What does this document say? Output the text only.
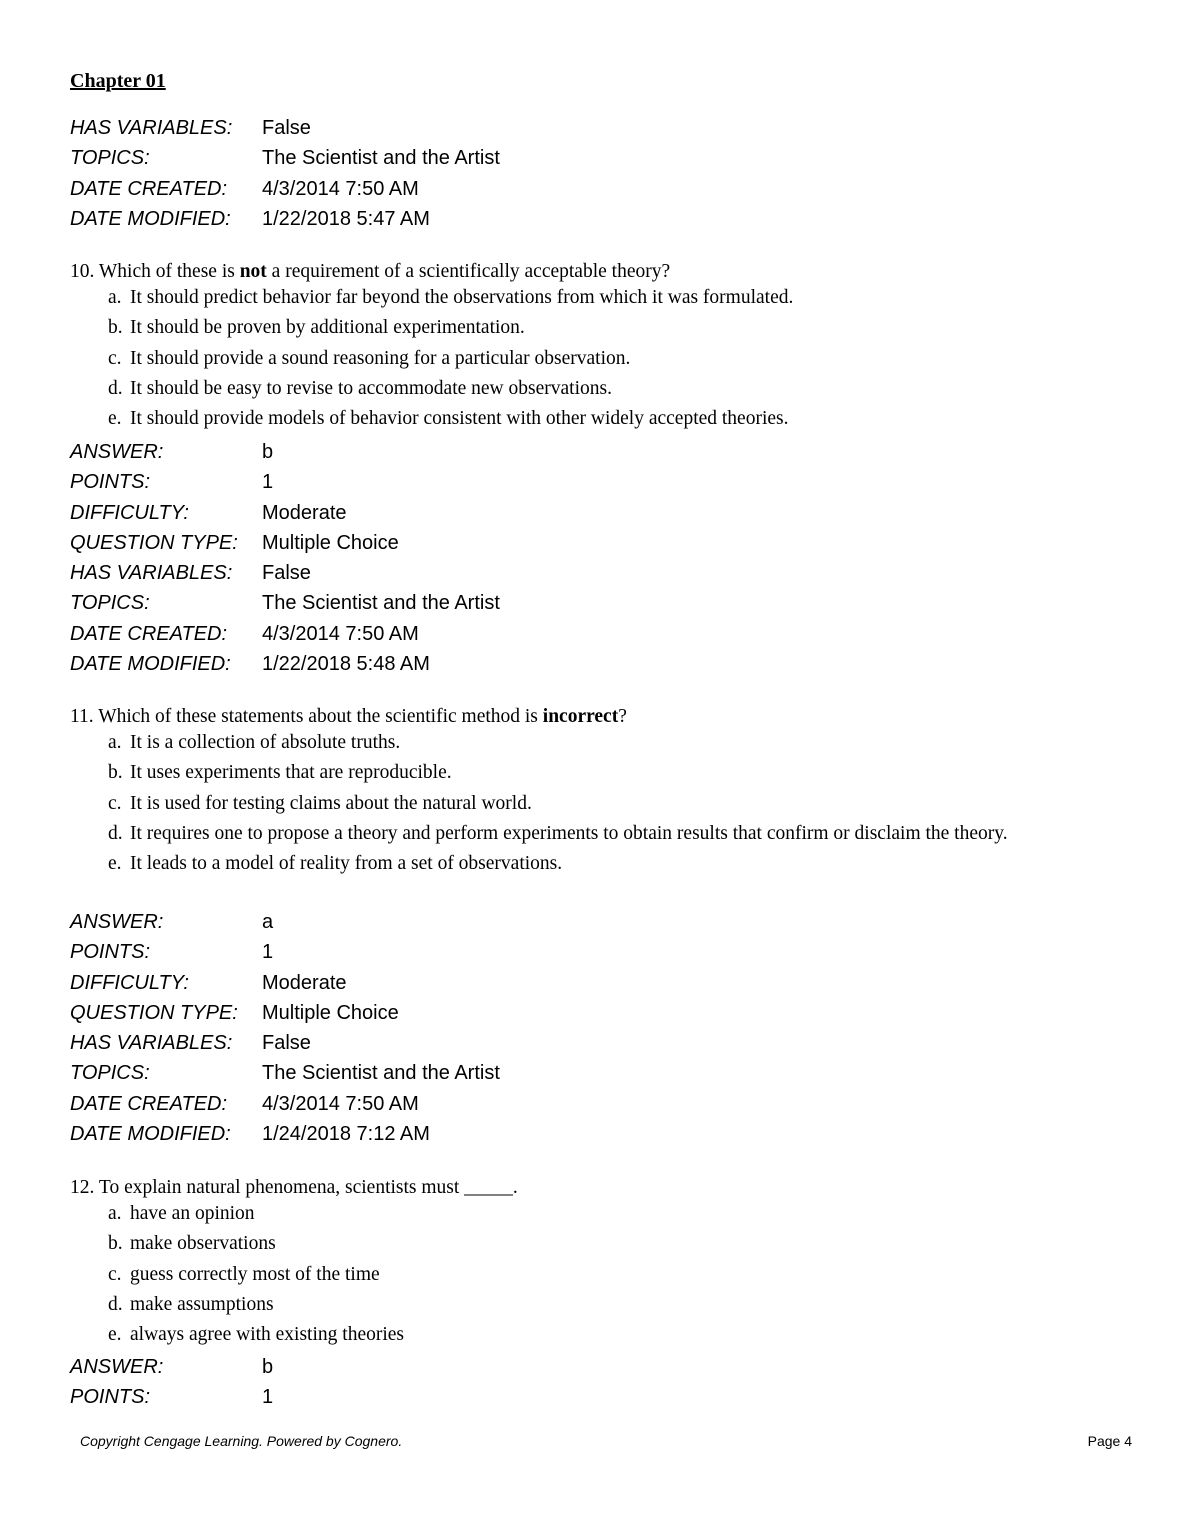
Chapter 01
HAS VARIABLES: False
TOPICS:	The Scientist and the Artist
DATE CREATED: 4/3/2014 7:50 AM
DATE MODIFIED: 1/22/2018 5:47 AM
10. Which of these is not a requirement of a scientifically acceptable theory?
a. It should predict behavior far beyond the observations from which it was formulated.
b. It should be proven by additional experimentation.
c. It should provide a sound reasoning for a particular observation.
d. It should be easy to revise to accommodate new observations.
e. It should provide models of behavior consistent with other widely accepted theories.
ANSWER:	b
POINTS:	1
DIFFICULTY:	Moderate
QUESTION TYPE: Multiple Choice
HAS VARIABLES: False
TOPICS:	The Scientist and the Artist
DATE CREATED: 4/3/2014 7:50 AM
DATE MODIFIED: 1/22/2018 5:48 AM
11. Which of these statements about the scientific method is incorrect?
a. It is a collection of absolute truths.
b. It uses experiments that are reproducible.
c. It is used for testing claims about the natural world.
d. It requires one to propose a theory and perform experiments to obtain results that confirm or disclaim the theory.
e. It leads to a model of reality from a set of observations.
ANSWER:	a
POINTS:	1
DIFFICULTY:	Moderate
QUESTION TYPE: Multiple Choice
HAS VARIABLES: False
TOPICS:	The Scientist and the Artist
DATE CREATED: 4/3/2014 7:50 AM
DATE MODIFIED: 1/24/2018 7:12 AM
12. To explain natural phenomena, scientists must _____.
a. have an opinion
b. make observations
c. guess correctly most of the time
d. make assumptions
e. always agree with existing theories
ANSWER:	b
POINTS:	1
Copyright Cengage Learning. Powered by Cognero.	Page 4
